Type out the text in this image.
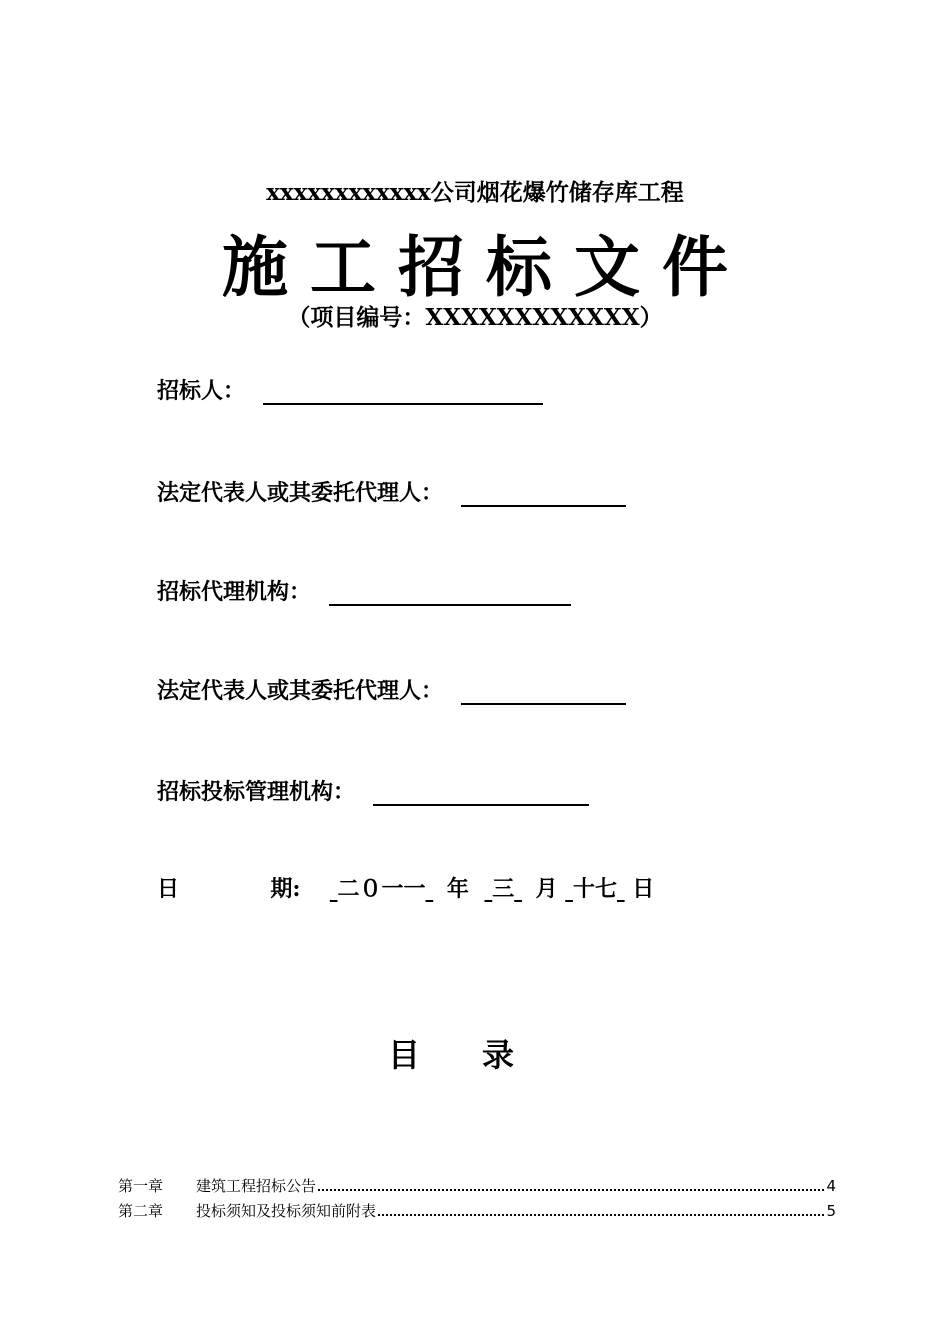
xxxxxxxxxxxx公司烟花爆竹储存库工程
施工招标文件
（项目编号：XXXXXXXXXXXX）
招标人：
法定代表人或其委托代理人：
招标代理机构：
法定代表人或其委托代理人：
招标投标管理机构：
日	期: 二０一一 年 三 月 十七 日
目录
第一章	建筑工程招标公告	4
第二章	投标须知及投标须知前附表	5
